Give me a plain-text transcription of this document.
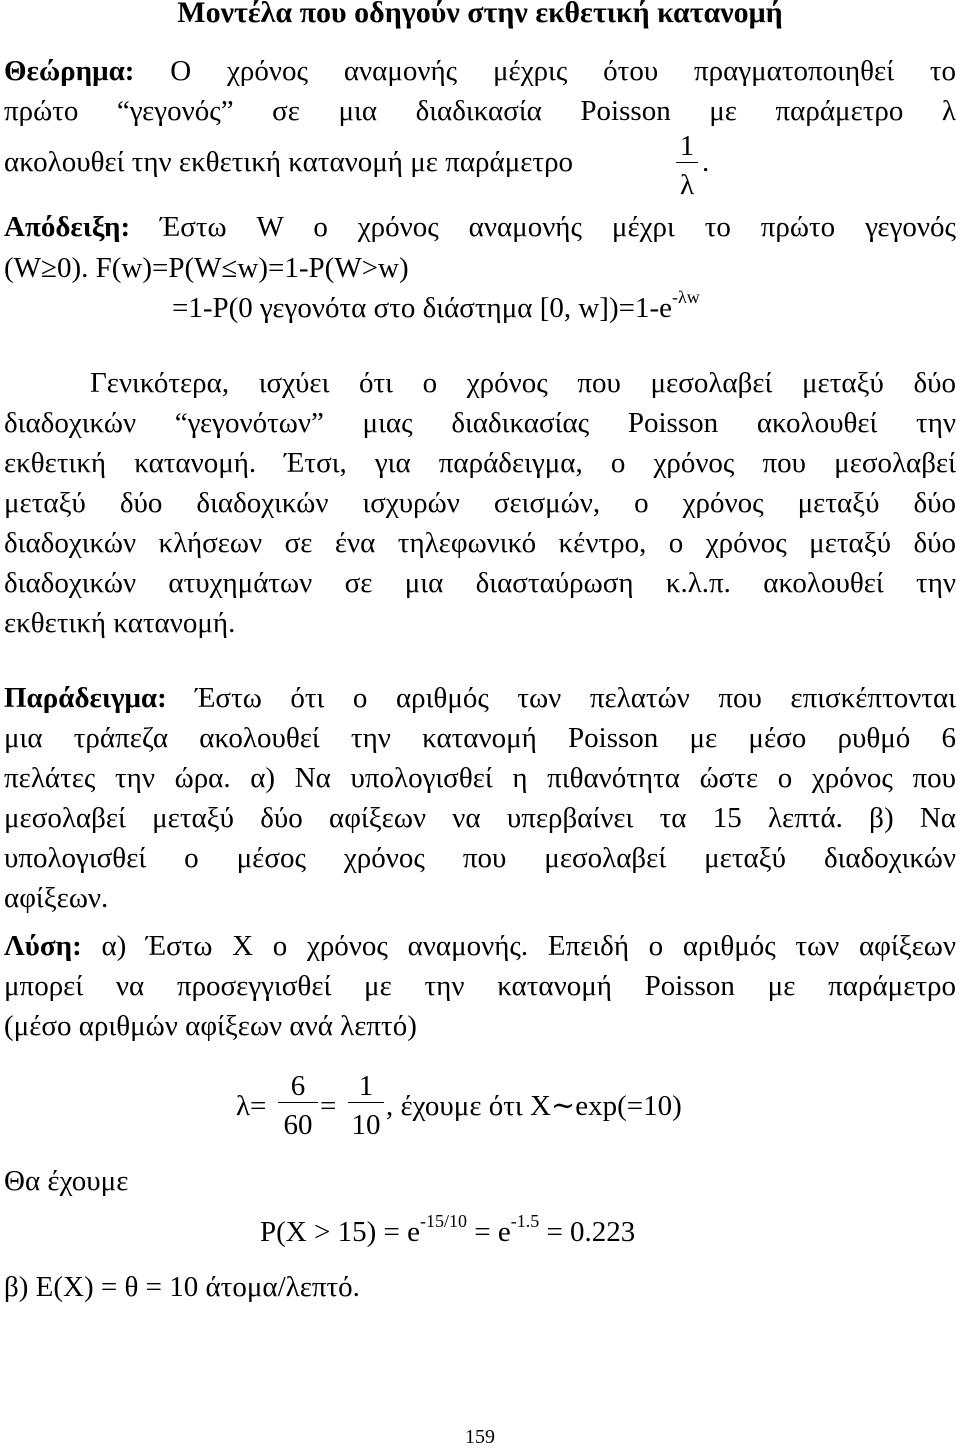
Μοντέλα που οδηγούν στην εκθετική κατανομή
Θεώρημα: Ο χρόνος αναμονής μέχρις ότου πραγματοποιηθεί το
πρώτο “γεγονός” σε μια διαδικασία Poisson με παράμετρο λ
ακολουθεί την εκθετική κατανομή με παράμετρο	$\frac{1}{\lambda}$ .
Απόδειξη: Έστω W ο χρόνος αναμονής μέχρι το πρώτο γεγονός
(W≥0). F(w)=P(W≤w)=1-P(W>w)
=1-P(0 γεγονότα στο διάστημα [0, $w])=1-e^{-\lambda w}$
Γενικότερα, ισχύει ότι ο χρόνος που μεσολαβεί μεταξύ δύο
διαδοχικών “γεγονότων” μιας διαδικασίας Poisson ακολουθεί την
εκθετική κατανομή. Έτσι, για παράδειγμα, ο χρόνος που μεσολαβεί
μεταξύ δύο διαδοχικών ισχυρών σεισμών, ο χρόνος μεταξύ δύο
διαδοχικών κλήσεων σε ένα τηλεφωνικό κέντρο, ο χρόνος μεταξύ δύο
διαδοχικών ατυχημάτων σε μια διασταύρωση κ.λ.π. ακολουθεί την
εκθετική κατανομή.
Παράδειγμα: Έστω ότι ο αριθμός των πελατών που επισκέπτονται
μια τράπεζα ακολουθεί την κατανομή Poisson με μέσο ρυθμό 6
πελάτες την ώρα. α) Να υπολογισθεί η πιθανότητα ώστε ο χρόνος που
μεσολαβεί μεταξύ δύο αφίξεων να υπερβαίνει τα 15 λεπτά. β) Να
υπολογισθεί ο μέσος χρόνος που μεσολαβεί μεταξύ διαδοχικών
αφίξεων.
Λύση: α) Έστω X ο χρόνος αναμονής. Επειδή ο αριθμός των αφίξεων
μπορεί να προσεγγισθεί με την κατανομή Poisson με παράμετρο
(μέσο αριθμών αφίξεων ανά λεπτό)
$\lambda= \frac{6}{60} = \frac{1}{10}$ , έχουμε ότι X∼exp(=10)
Θα έχουμε
$P(X > 15) = e^{-15/10} = e^{-1.5} = 0.223$
β) E(X) = θ = 10 άτομα/λεπτό.
159
